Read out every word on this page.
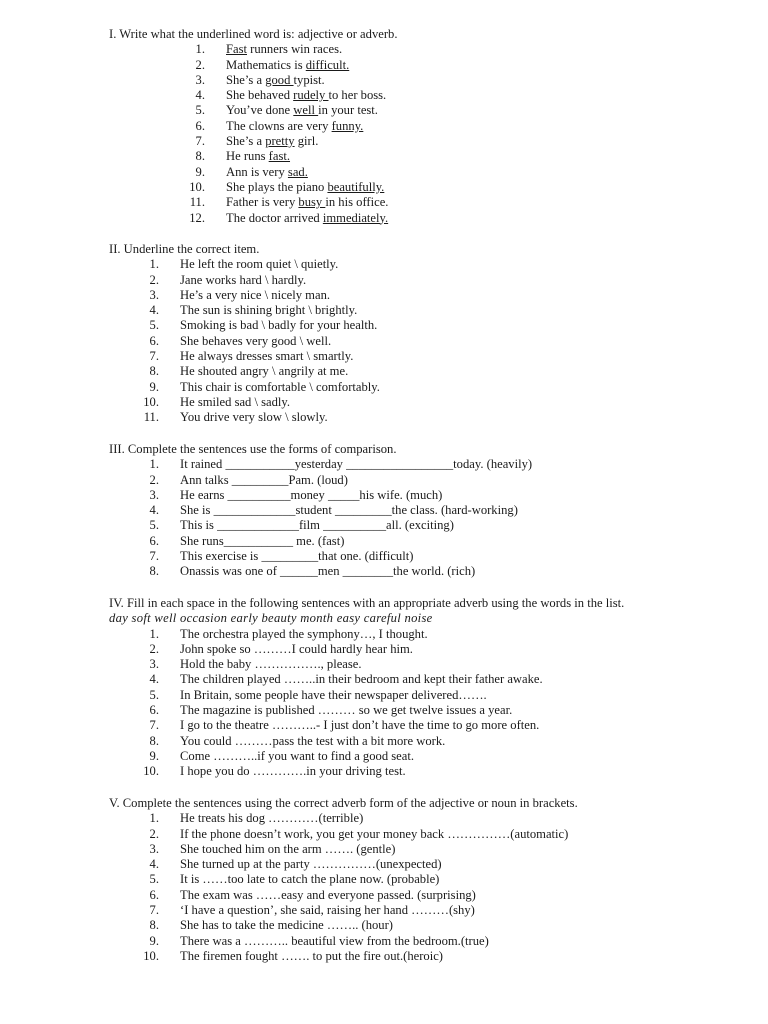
I. Write what the underlined word is: adjective or adverb.
1. Fast runners win races.
2. Mathematics is difficult.
3. She’s a good typist.
4. She behaved rudely to her boss.
5. You’ve done well in your test.
6. The clowns are very funny.
7. She’s a pretty girl.
8. He runs fast.
9. Ann is very sad.
10. She plays the piano beautifully.
11. Father is very busy in his office.
12. The doctor arrived immediately.
II. Underline the correct item.
1. He left the room quiet \ quietly.
2. Jane works hard \ hardly.
3. He’s a very nice \ nicely man.
4. The sun is shining bright \ brightly.
5. Smoking is bad \ badly for your health.
6. She behaves very good \ well.
7. He always dresses smart \ smartly.
8. He shouted angry \ angrily at me.
9. This chair is comfortable \ comfortably.
10. He smiled sad \ sadly.
11. You drive very slow \ slowly.
III. Complete the sentences use the forms of comparison.
1. It rained ___________yesterday _________________today. (heavily)
2. Ann talks _________Pam. (loud)
3. He earns __________money _____his wife. (much)
4. She is _____________student _________the class. (hard-working)
5. This is _____________film __________all. (exciting)
6. She runs___________ me. (fast)
7. This exercise is _________that one. (difficult)
8. Onassis was one of ______men ________the world. (rich)
IV. Fill in each space in the following sentences with an appropriate adverb using the words in the list.
day soft well occasion early beauty month easy careful noise
1. The orchestra played the symphony…, I thought.
2. John spoke so ………I could hardly hear him.
3. Hold the baby ……………., please.
4. The children played ……..in their bedroom and kept their father awake.
5. In Britain, some people have their newspaper delivered…….
6. The magazine is published ……… so we get twelve issues a year.
7. I go to the theatre ………..- I just don’t have the time to go more often.
8. You could ………pass the test with a bit more work.
9. Come ………..if you want to find a good seat.
10. I hope you do ………….in your driving test.
V. Complete the sentences using the correct adverb form of the adjective or noun in brackets.
1. He treats his dog …………(terrible)
2. If the phone doesn’t work, you get your money back ……………(automatic)
3. She touched him on the arm ……. (gentle)
4. She turned up at the party ……………(unexpected)
5. It is ……too late to catch the plane now. (probable)
6. The exam was ……easy and everyone passed. (surprising)
7. ‘I have a question’, she said, raising her hand ………(shy)
8. She has to take the medicine …….. (hour)
9. There was a ……….. beautiful view from the bedroom.(true)
10. The firemen fought ……. to put the fire out.(heroic)
